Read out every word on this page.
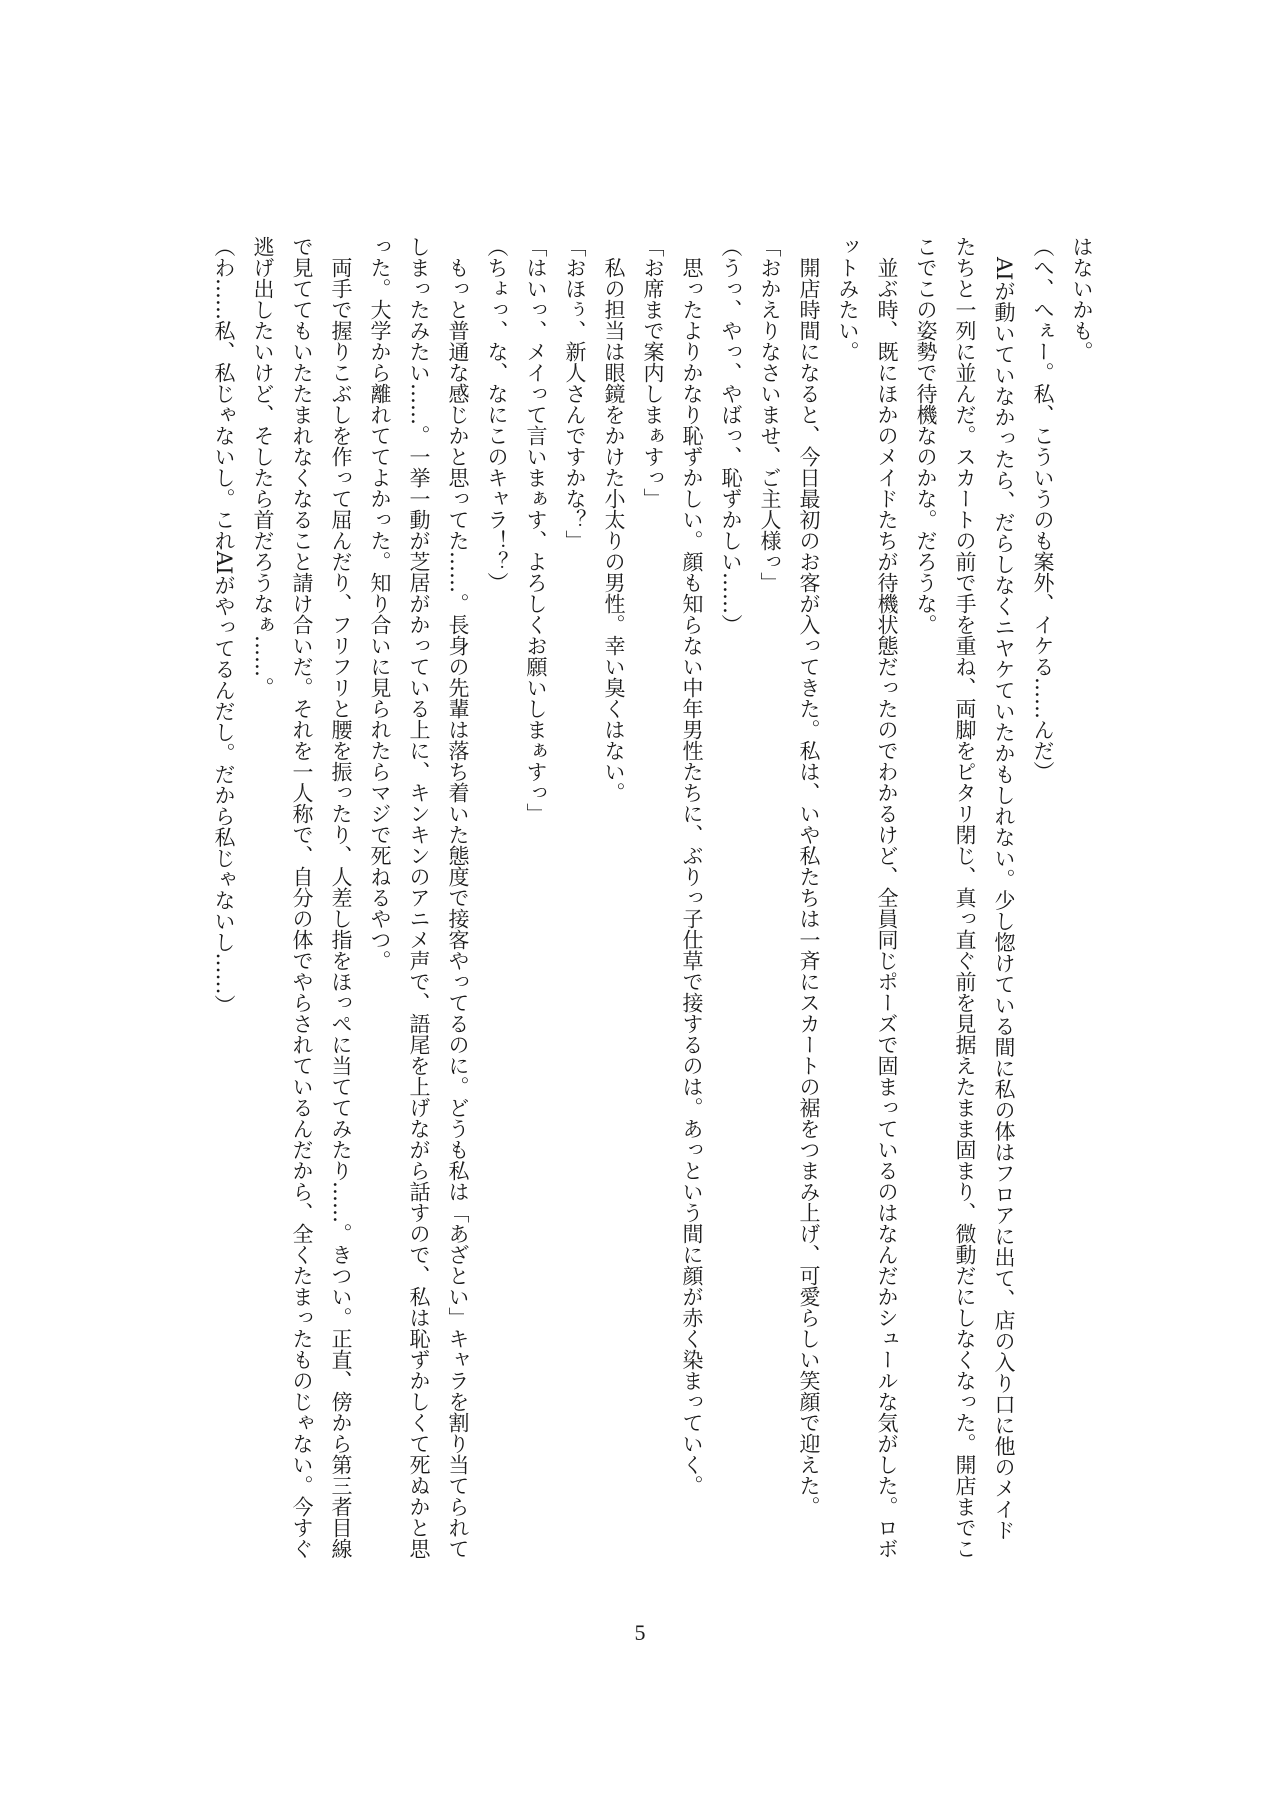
はないかも。
（へ、へぇー。私、こういうのも案外、イケる……んだ）
AIが動いていなかったら、だらしなくニヤケていたかもしれない。少し惚けている間に私の体はフロアに出て、店の入り口に他のメイド
たちと一列に並んだ。スカートの前で手を重ね、両脚をピタリ閉じ、真っ直ぐ前を見据えたまま固まり、微動だにしなくなった。開店までこ
こでこの姿勢で待機なのかな。だろうな。
並ぶ時、既にほかのメイドたちが待機状態だったのでわかるけど、全員同じポーズで固まっているのはなんだかシュールな気がした。ロボ
ットみたい。
開店時間になると、今日最初のお客が入ってきた。私は、いや私たちは一斉にスカートの裾をつまみ上げ、可愛らしい笑顔で迎えた。
「おかえりなさいませ、ご主人様っ」
（うっ、やっ、やばっ、恥ずかしい……）
思ったよりかなり恥ずかしい。顔も知らない中年男性たちに、ぶりっ子仕草で接するのは。あっという間に顔が赤く染まっていく。
「お席まで案内しまぁすっ」
私の担当は眼鏡をかけた小太りの男性。幸い臭くはない。
「おほぅ、新人さんですかな？」
「はいっ、メイって言いまぁす、よろしくお願いしまぁすっ」
（ちょっ、な、なにこのキャラ！？）
もっと普通な感じかと思ってた……。長身の先輩は落ち着いた態度で接客やってるのに。どうも私は「あざとい」キャラを割り当てられて
しまったみたい……。一挙一動が芝居がかっている上に、キンキンのアニメ声で、語尾を上げながら話すので、私は恥ずかしくて死ぬかと思
った。大学から離れててよかった。知り合いに見られたらマジで死ねるやつ。
両手で握りこぶしを作って屈んだり、フリフリと腰を振ったり、人差し指をほっぺに当ててみたり……。きつい。正直、傍から第三者目線
で見ててもいたたまれなくなること請け合いだ。それを一人称で、自分の体でやらされているんだから、全くたまったものじゃない。今すぐ
逃げ出したいけど、そしたら首だろうなぁ……。
（わ……私、私じゃないし。これAIがやってるんだし。だから私じゃないし……）
5
